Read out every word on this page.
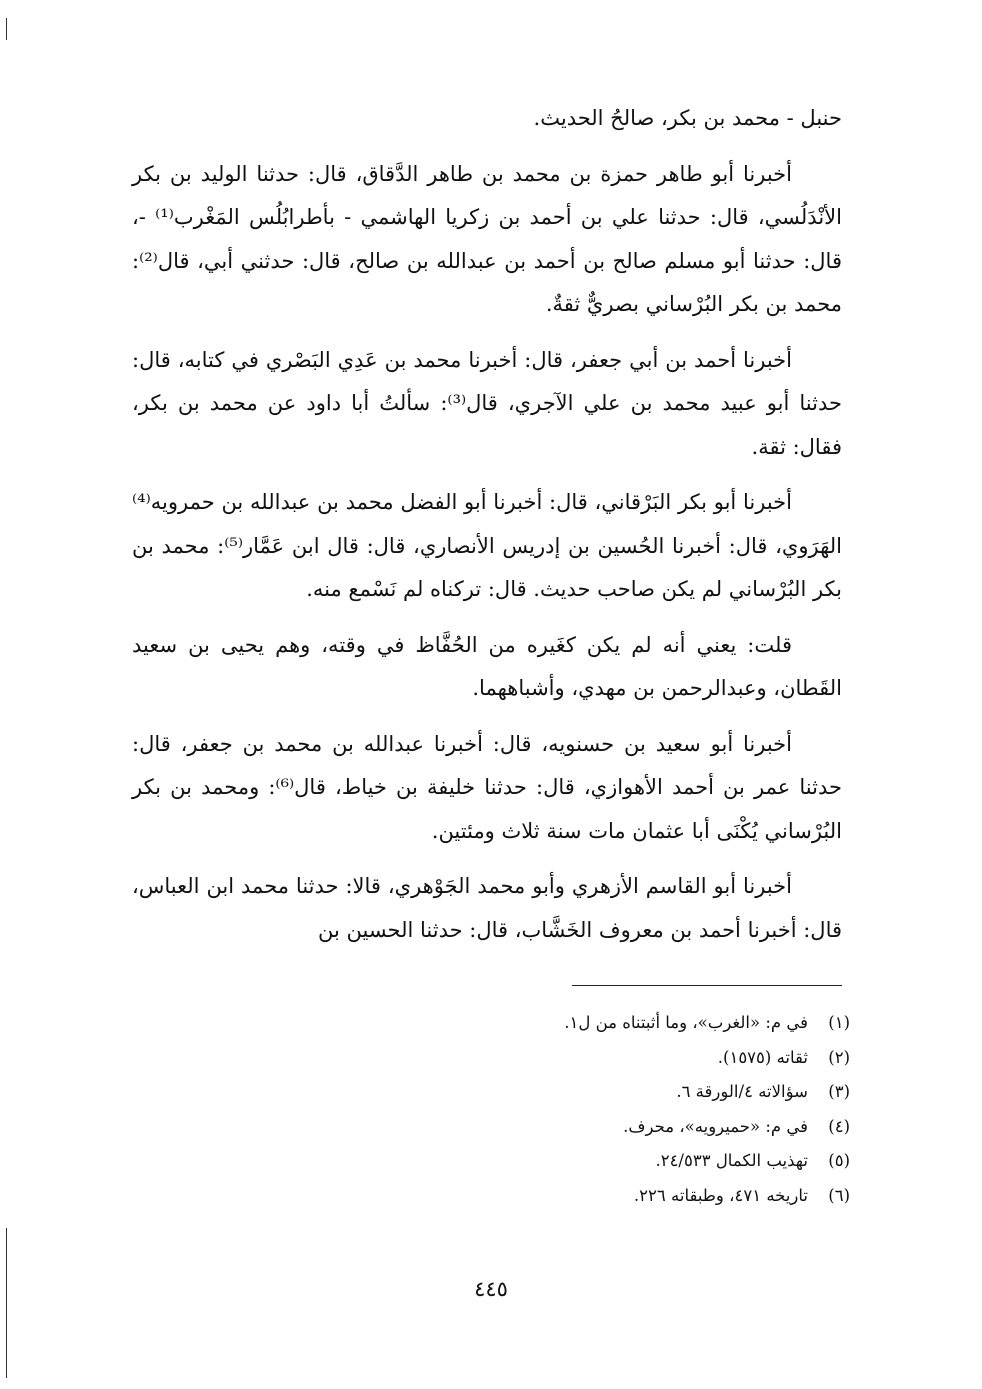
حنبل - محمد بن بكر، صالحُ الحديث.

أخبرنا أبو طاهر حمزة بن محمد بن طاهر الدَّقاق، قال: حدثنا الوليد بن بكر الأنْدَلُسي، قال: حدثنا علي بن أحمد بن زكريا الهاشمي - بأطرابُلُس المَغْرب⁽¹⁾ -، قال: حدثنا أبو مسلم صالح بن أحمد بن عبدالله بن صالح، قال: حدثني أبي، قال⁽²⁾: محمد بن بكر البُرْساني بصريٌّ ثقةٌ.

أخبرنا أحمد بن أبي جعفر، قال: أخبرنا محمد بن عَدِي البَصْري في كتابه، قال: حدثنا أبو عبيد محمد بن علي الآجري، قال⁽³⁾: سألتُ أبا داود عن محمد بن بكر، فقال: ثقة.

أخبرنا أبو بكر البَرْقاني، قال: أخبرنا أبو الفضل محمد بن عبدالله بن حمرويه⁽⁴⁾ الهَرَوي، قال: أخبرنا الحُسين بن إدريس الأنصاري، قال: قال ابن عَمَّار⁽⁵⁾: محمد بن بكر البُرْساني لم يكن صاحب حديث. قال: تركناه لم نَسْمع منه.

قلت: يعني أنه لم يكن كغَيره من الحُفَّاظ في وقته، وهم يحيى بن سعيد القَطان، وعبدالرحمن بن مهدي، وأشباههما.

أخبرنا أبو سعيد بن حسنويه، قال: أخبرنا عبدالله بن محمد بن جعفر، قال: حدثنا عمر بن أحمد الأهوازي، قال: حدثنا خليفة بن خياط، قال⁽⁶⁾: ومحمد بن بكر البُرْساني يُكْنَى أبا عثمان مات سنة ثلاث ومئتين.

أخبرنا أبو القاسم الأزهري وأبو محمد الجَوْهري، قالا: حدثنا محمد ابن العباس، قال: أخبرنا أحمد بن معروف الخَشَّاب، قال: حدثنا الحسين بن

(١)
في م: «الغرب»، وما أثبتناه من ل١.
(٢)
ثقاته (١٥٧٥).
(٣)
سؤالاته ٤/الورقة ٦.
(٤)
في م: «حميرويه»، محرف.
(٥)
تهذيب الكمال ٢٤/٥٣٣.
(٦)
تاريخه ٤٧١، وطبقاته ٢٢٦.
٤٤٥
